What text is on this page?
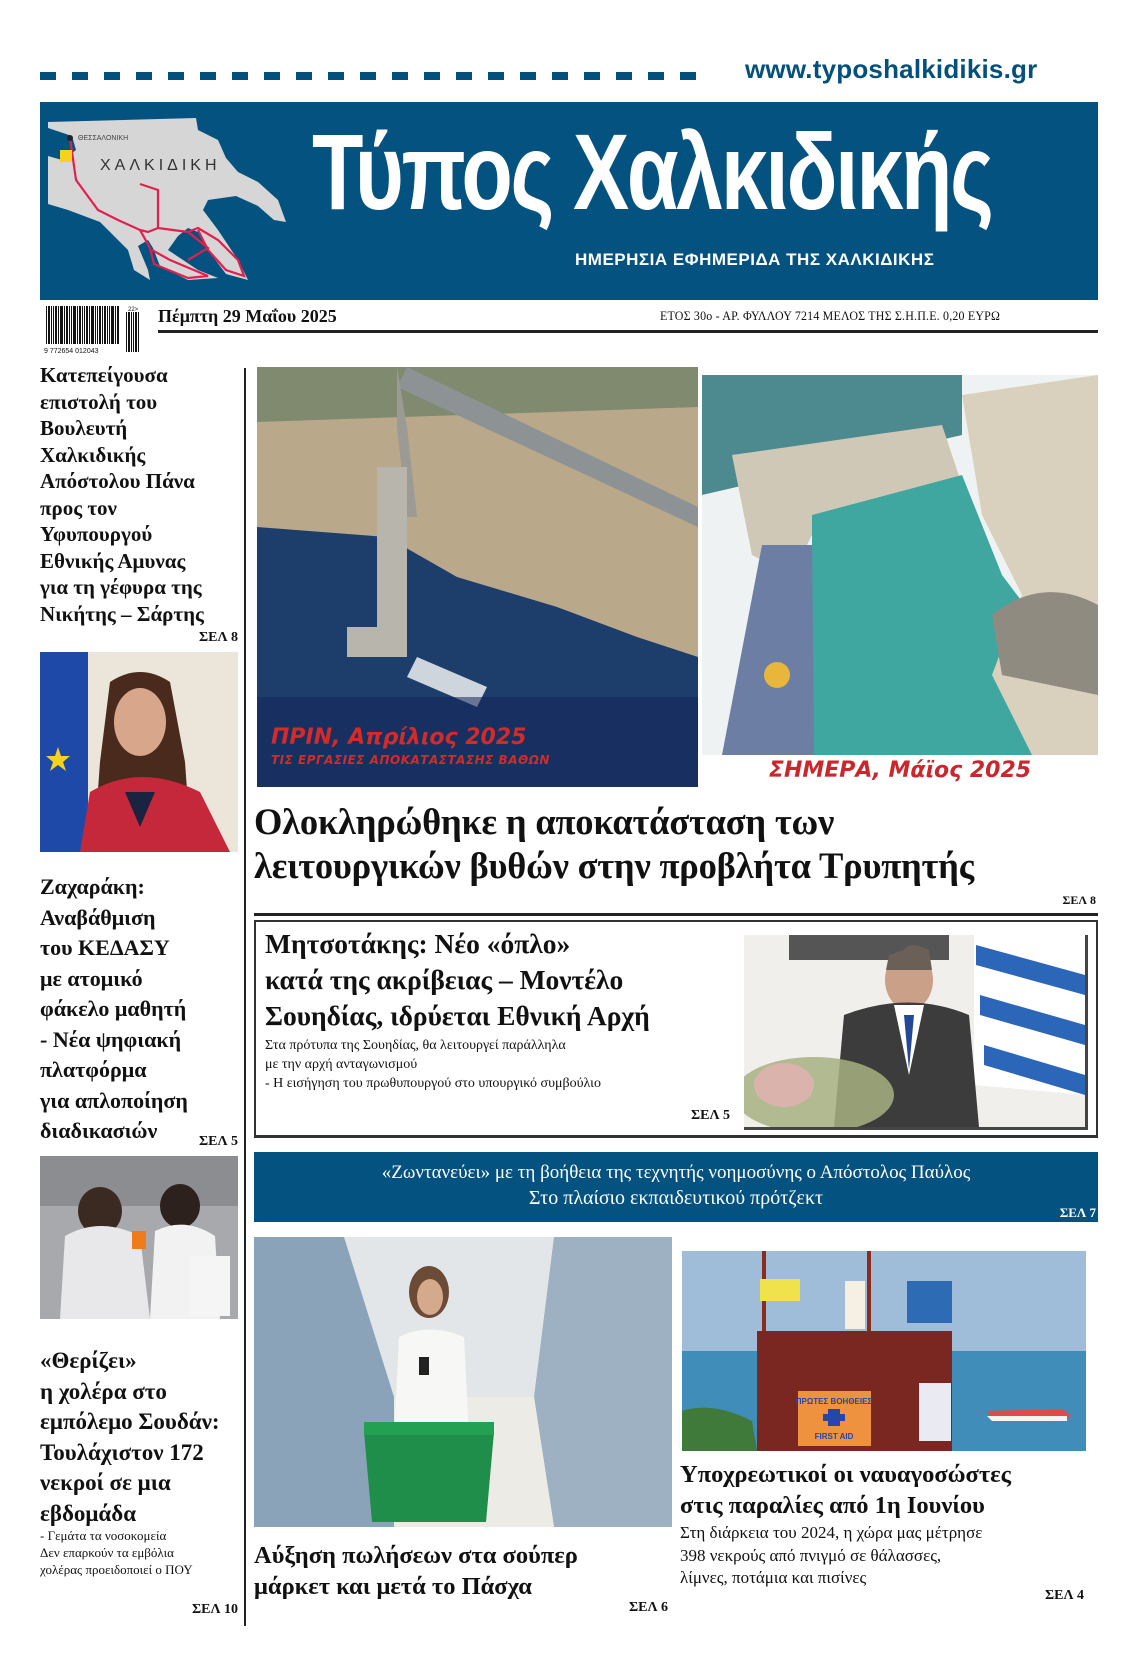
www.typoshalkidikis.gr
ΘΕΣΣΑΛΟΝΙΚΗ
ΧΑΛΚΙΔΙΚΗ Τύπος Χαλκιδικής
ΗΜΕΡΗΣΙΑ ΕΦΗΜΕΡΙΔΑ ΤΗΣ ΧΑΛΚΙΔΙΚΗΣ
9 772654 012043
22> Πέμπτη 29 Μαΐου 2025	ΕΤΟΣ 30ο - ΑΡ. ΦΥΛΛΟΥ 7214 ΜΕΛΟΣ ΤΗΣ Σ.Η.Π.Ε. 0,20 ΕΥΡΩ
Κατεπείγουσα
επιστολή του
Βουλευτή
Χαλκιδικής
Απόστολου Πάνα
προς τον
Υφυπουργού
Εθνικής Αμυνας
για τη γέφυρα της
Νικήτης – Σάρτης
ΣΕΛ 8
Ζαχαράκη:
Αναβάθμιση
του ΚΕΔΑΣΥ
με ατομικό
φάκελο μαθητή
- Νέα ψηφιακή
πλατφόρμα
για απλοποίηση
διαδικασιών	ΣΕΛ 5
«Θερίζει»
η χολέρα στο
εμπόλεμο Σουδάν:
Τουλάχιστον 172
νεκροί σε μια
εβδομάδα
- Γεμάτα τα νοσοκομεία
Δεν επαρκούν τα εμβόλια
χολέρας προειδοποιεί ο ΠΟΥ
ΣΕΛ 10
ΠΡΙΝ, Απρίλιος 2025
ΤΙΣ ΕΡΓΑΣΙΕΣ ΑΠΟΚΑΤΑΣΤΑΣΗΣ ΒΑΘΩΝ	ΣΗΜΕΡΑ, Μάϊος 2025
Ολοκληρώθηκε η αποκατάσταση των
λειτουργικών βυθών στην προβλήτα Τρυπητής
ΣΕΛ 8
Μητσοτάκης: Νέο «όπλο»
κατά της ακρίβειας – Μοντέλο
Σουηδίας, ιδρύεται Εθνική Αρχή
Στα πρότυπα της Σουηδίας, θα λειτουργεί παράλληλα
με την αρχή ανταγωνισμού
- Η εισήγηση του πρωθυπουργού στο υπουργικό συμβούλιο
ΣΕΛ 5
«Ζωντανεύει» με τη βοήθεια της τεχνητής νοημοσύνης ο Απόστολος Παύλος
Στο πλαίσιο εκπαιδευτικού πρότζεκτ
ΣΕΛ 7
Αύξηση πωλήσεων στα σούπερ
μάρκετ και μετά το Πάσχα
ΣΕΛ 6
ΠΡΩΤΕΣ ΒΟΗΘΕΙΕΣ
FIRST AID
Υποχρεωτικοί οι ναυαγοσώστες
στις παραλίες από 1η Ιουνίου
Στη διάρκεια του 2024, η χώρα μας μέτρησε
398 νεκρούς από πνιγμό σε θάλασσες,
λίμνες, ποτάμια και πισίνες
ΣΕΛ 4
